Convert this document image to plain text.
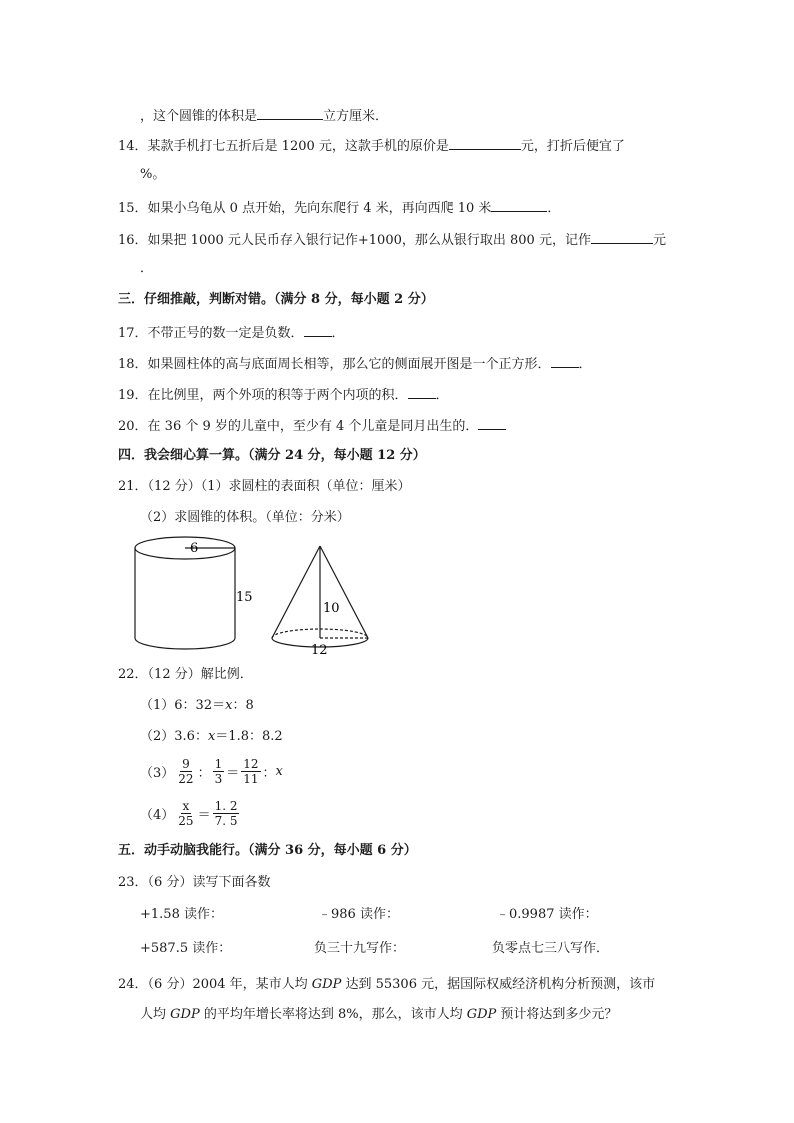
，这个圆锥的体积是	立方厘米．
14．某款手机打七五折后是 1200 元，这款手机的原价是	元，打折后便宜了
%。
15．如果小乌龟从 0 点开始，先向东爬行 4 米，再向西爬 10 米	．
16．如果把 1000 元人民币存入银行记作+1000，那么从银行取出 800 元，记作	元
．
三．仔细推敲，判断对错。（满分 8 分，每小题 2 分）
17．不带正号的数一定是负数． ．
18．如果圆柱体的高与底面周长相等，那么它的侧面展开图是一个正方形． ．
19．在比例里，两个外项的积等于两个内项的积． ．
20．在 36 个 9 岁的儿童中，至少有 4 个儿童是同月出生的．
四．我会细心算一算。（满分 24 分，每小题 12 分）
21．（12 分）（1）求圆柱的表面积（单位：厘米）
（2）求圆锥的体积。（单位：分米）
6
15
10
12
22．（12 分）解比例．
（1）6：32＝x：8
（2）3.6：x＝1.8：8.2
$(3) \frac{9}{22}$ ： $\frac{1}{3} = \frac{12}{11}$ ： x
$(4) \frac{x}{25} = \frac{1. 2}{7. 5}$
五．动手动脑我能行。（满分 36 分，每小题 6 分）
23．（6 分）读写下面各数
+1.58 读作：	﹣986 读作：	﹣0.9987 读作：
+587.5 读作：	负三十九写作：	负零点七三八写作．
24．（6 分）2004 年，某市人均 GDP 达到 55306 元，据国际权威经济机构分析预测，该市
人均 GDP 的平均年增长率将达到 8%，那么，该市人均 GDP 预计将达到多少元？
